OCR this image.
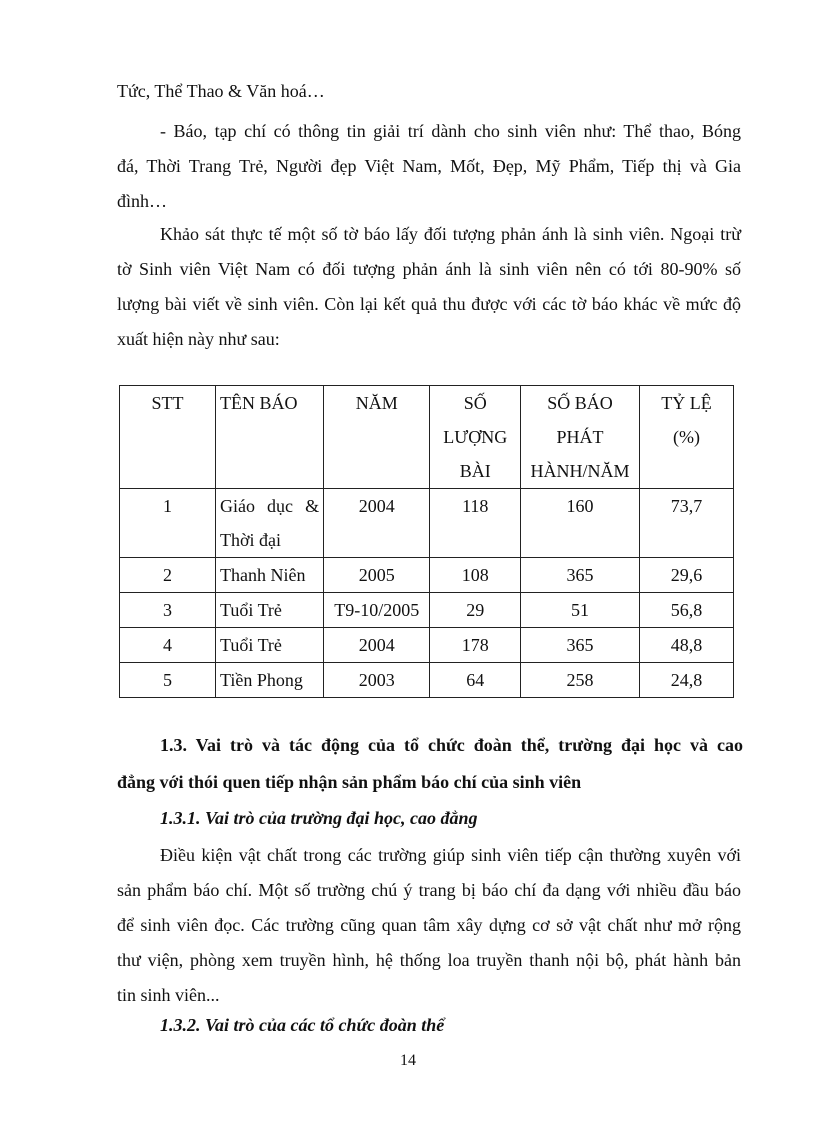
Tức, Thể Thao & Văn hoá…

- Báo, tạp chí có thông tin giải trí dành cho sinh viên như: Thể thao, Bóng
đá, Thời Trang Trẻ, Người đẹp Việt Nam, Mốt, Đẹp, Mỹ Phẩm, Tiếp thị và Gia
đình…

Khảo sát thực tế một số tờ báo lấy đối tượng phản ánh là sinh viên. Ngoại trừ
tờ Sinh viên Việt Nam có đối tượng phản ánh là sinh viên nên có tới 80-90% số
lượng bài viết về sinh viên. Còn lại kết quả thu được với các tờ báo khác về mức độ
xuất hiện này như sau:

STT	TÊN BÁO	NĂM	SỐ
LƯỢNG
BÀI	SỐ BÁO
PHÁT
HÀNH/NĂM	TỶ LỆ
(%)

1	Giáo dục &
Thời đại	2004	118	160	73,7
2	Thanh Niên	2005	108	365	29,6
3	Tuổi Trẻ	T9-10/2005	29	51	56,8
4	Tuổi Trẻ	2004	178	365	48,8
5	Tiền Phong	2003	64	258	24,8

1.3. Vai trò và tác động của tổ chức đoàn thể, trường đại học và cao
đẳng với thói quen tiếp nhận sản phẩm báo chí của sinh viên

1.3.1. Vai trò của trường đại học, cao đẳng

Điều kiện vật chất trong các trường giúp sinh viên tiếp cận thường xuyên với
sản phẩm báo chí. Một số trường chú ý trang bị báo chí đa dạng với nhiều đầu báo
để sinh viên đọc. Các trường cũng quan tâm xây dựng cơ sở vật chất như mở rộng
thư viện, phòng xem truyền hình, hệ thống loa truyền thanh nội bộ, phát hành bản
tin sinh viên...

1.3.2. Vai trò của các tổ chức đoàn thể

14
